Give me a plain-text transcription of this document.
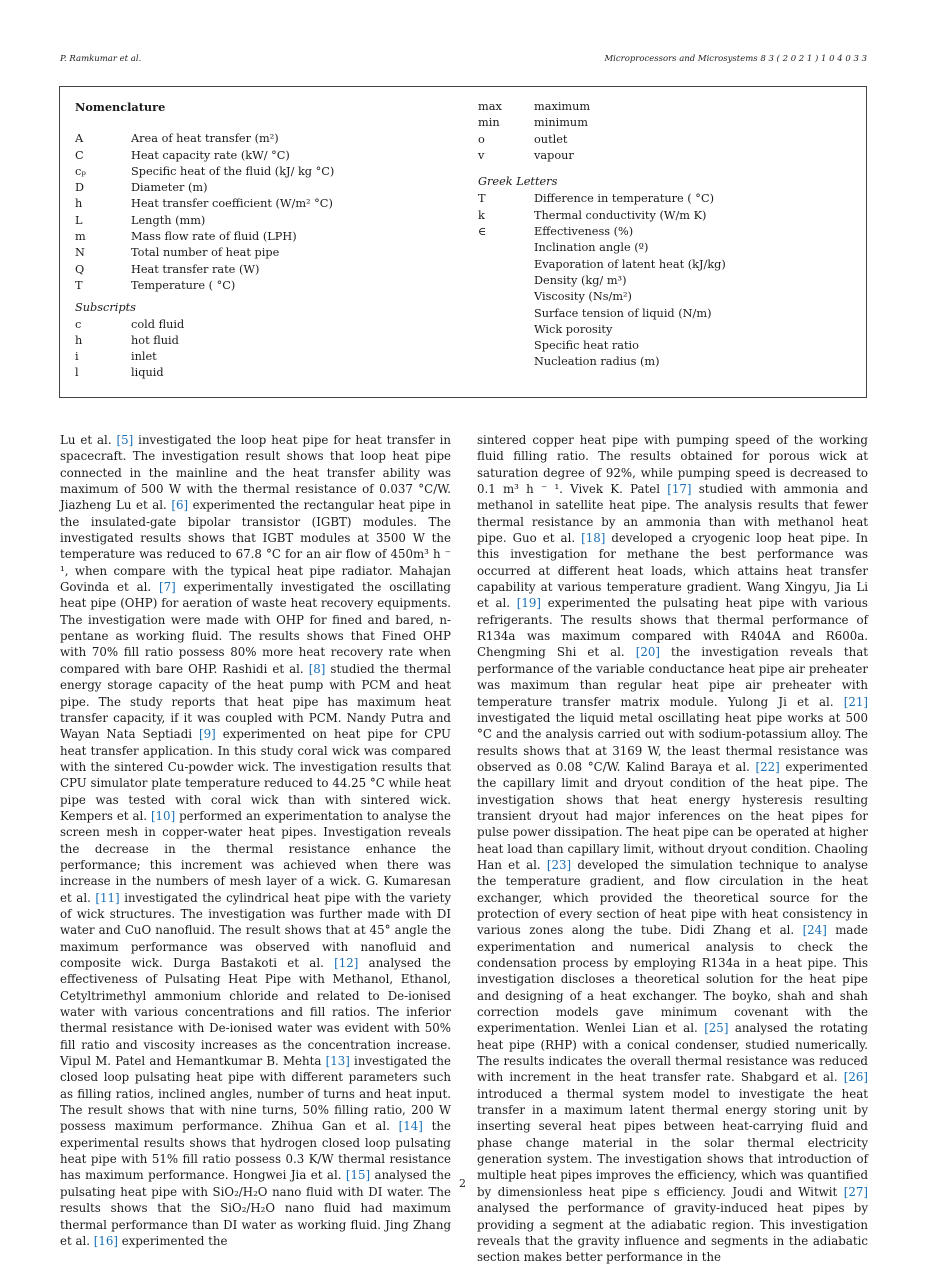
P. Ramkumar et al.	Microprocessors and Microsystems 8 3 ( 2 0 2 1 ) 1 0 4 0 3 3
Nomenclature
A	Area of heat transfer (m²)
C	Heat capacity rate (kW/ °C)
cₚ	Specific heat of the fluid (kJ/ kg °C)
D	Diameter (m)
h	Heat transfer coefficient (W/m² °C)
L	Length (mm)
m	Mass flow rate of fluid (LPH)
N	Total number of heat pipe
Q	Heat transfer rate (W)
T	Temperature ( °C)
Subscripts
c	cold fluid
h	hot fluid
i	inlet
l	liquid
max	maximum
min	minimum
o	outlet
v	vapour
Greek Letters
T	Difference in temperature ( °C)
k	Thermal conductivity (W/m K)
∈	Effectiveness (%)
Inclination angle (º)
Evaporation of latent heat (kJ/kg)
Density (kg/ m³)
Viscosity (Ns/m²)
Surface tension of liquid (N/m)
Wick porosity
Specific heat ratio
Nucleation radius (m)
Lu et al. [5] investigated the loop heat pipe for heat transfer in spacecraft. The investigation result shows that loop heat pipe connected in the mainline and the heat transfer ability was maximum of 500 W with the thermal resistance of 0.037 °C/W. Jiazheng Lu et al. [6] experimented the rectangular heat pipe in the insulated-gate bipolar transistor (IGBT) modules. The investigated results shows that IGBT modules at 3500 W the temperature was reduced to 67.8 °C for an air flow of 450m³ h ⁻ ¹, when compare with the typical heat pipe radiator. Mahajan Govinda et al. [7] experimentally investigated the oscillating heat pipe (OHP) for aeration of waste heat recovery equipments. The investigation were made with OHP for fined and bared, n-pentane as working fluid. The results shows that Fined OHP with 70% fill ratio possess 80% more heat recovery rate when compared with bare OHP. Rashidi et al. [8] studied the thermal energy storage capacity of the heat pump with PCM and heat pipe. The study reports that heat pipe has maximum heat transfer capacity, if it was coupled with PCM. Nandy Putra and Wayan Nata Septiadi [9] experimented on heat pipe for CPU heat transfer application. In this study coral wick was compared with the sintered Cu-powder wick. The investigation results that CPU simulator plate temperature reduced to 44.25 °C while heat pipe was tested with coral wick than with sintered wick. Kempers et al. [10] performed an experimentation to analyse the screen mesh in copper-water heat pipes. Investigation reveals the decrease in the thermal resistance enhance the performance; this increment was achieved when there was increase in the numbers of mesh layer of a wick. G. Kumaresan et al. [11] investigated the cylindrical heat pipe with the variety of wick structures. The investigation was further made with DI water and CuO nanofluid. The result shows that at 45° angle the maximum performance was observed with nanofluid and composite wick. Durga Bastakoti et al. [12] analysed the effectiveness of Pulsating Heat Pipe with Methanol, Ethanol, Cetyltrimethyl ammonium chloride and related to De-ionised water with various concentrations and fill ratios. The inferior thermal resistance with De-ionised water was evident with 50% fill ratio and viscosity increases as the concentration increase. Vipul M. Patel and Hemantkumar B. Mehta [13] investigated the closed loop pulsating heat pipe with different parameters such as filling ratios, inclined angles, number of turns and heat input. The result shows that with nine turns, 50% filling ratio, 200 W possess maximum performance. Zhihua Gan et al. [14] the experimental results shows that hydrogen closed loop pulsating heat pipe with 51% fill ratio possess 0.3 K/W thermal resistance has maximum performance. Hongwei Jia et al. [15] analysed the pulsating heat pipe with SiO₂/H₂O nano fluid with DI water. The results shows that the SiO₂/H₂O nano fluid had maximum thermal performance than DI water as working fluid. Jing Zhang et al. [16] experimented the
sintered copper heat pipe with pumping speed of the working fluid filling ratio. The results obtained for porous wick at saturation degree of 92%, while pumping speed is decreased to 0.1 m³ h ⁻ ¹. Vivek K. Patel [17] studied with ammonia and methanol in satellite heat pipe. The analysis results that fewer thermal resistance by an ammonia than with methanol heat pipe. Guo et al. [18] developed a cryogenic loop heat pipe. In this investigation for methane the best performance was occurred at different heat loads, which attains heat transfer capability at various temperature gradient. Wang Xingyu, Jia Li et al. [19] experimented the pulsating heat pipe with various refrigerants. The results shows that thermal performance of R134a was maximum compared with R404A and R600a. Chengming Shi et al. [20] the investigation reveals that performance of the variable conductance heat pipe air preheater was maximum than regular heat pipe air preheater with temperature transfer matrix module. Yulong Ji et al. [21] investigated the liquid metal oscillating heat pipe works at 500 °C and the analysis carried out with sodium-potassium alloy. The results shows that at 3169 W, the least thermal resistance was observed as 0.08 °C/W. Kalind Baraya et al. [22] experimented the capillary limit and dryout condition of the heat pipe. The investigation shows that heat energy hysteresis resulting transient dryout had major inferences on the heat pipes for pulse power dissipation. The heat pipe can be operated at higher heat load than capillary limit, without dryout condition. Chaoling Han et al. [23] developed the simulation technique to analyse the temperature gradient, and flow circulation in the heat exchanger, which provided the theoretical source for the protection of every section of heat pipe with heat consistency in various zones along the tube. Didi Zhang et al. [24] made experimentation and numerical analysis to check the condensation process by employing R134a in a heat pipe. This investigation discloses a theoretical solution for the heat pipe and designing of a heat exchanger. The boyko, shah and shah correction models gave minimum covenant with the experimentation. Wenlei Lian et al. [25] analysed the rotating heat pipe (RHP) with a conical condenser, studied numerically. The results indicates the overall thermal resistance was reduced with increment in the heat transfer rate. Shabgard et al. [26] introduced a thermal system model to investigate the heat transfer in a maximum latent thermal energy storing unit by inserting several heat pipes between heat-carrying fluid and phase change material in the solar thermal electricity generation system. The investigation shows that introduction of multiple heat pipes improves the efficiency, which was quantified by dimensionless heat pipe s efficiency. Joudi and Witwit [27] analysed the performance of gravity-induced heat pipes by providing a segment at the adiabatic region. This investigation reveals that the gravity influence and segments in the adiabatic section makes better performance in the
2
